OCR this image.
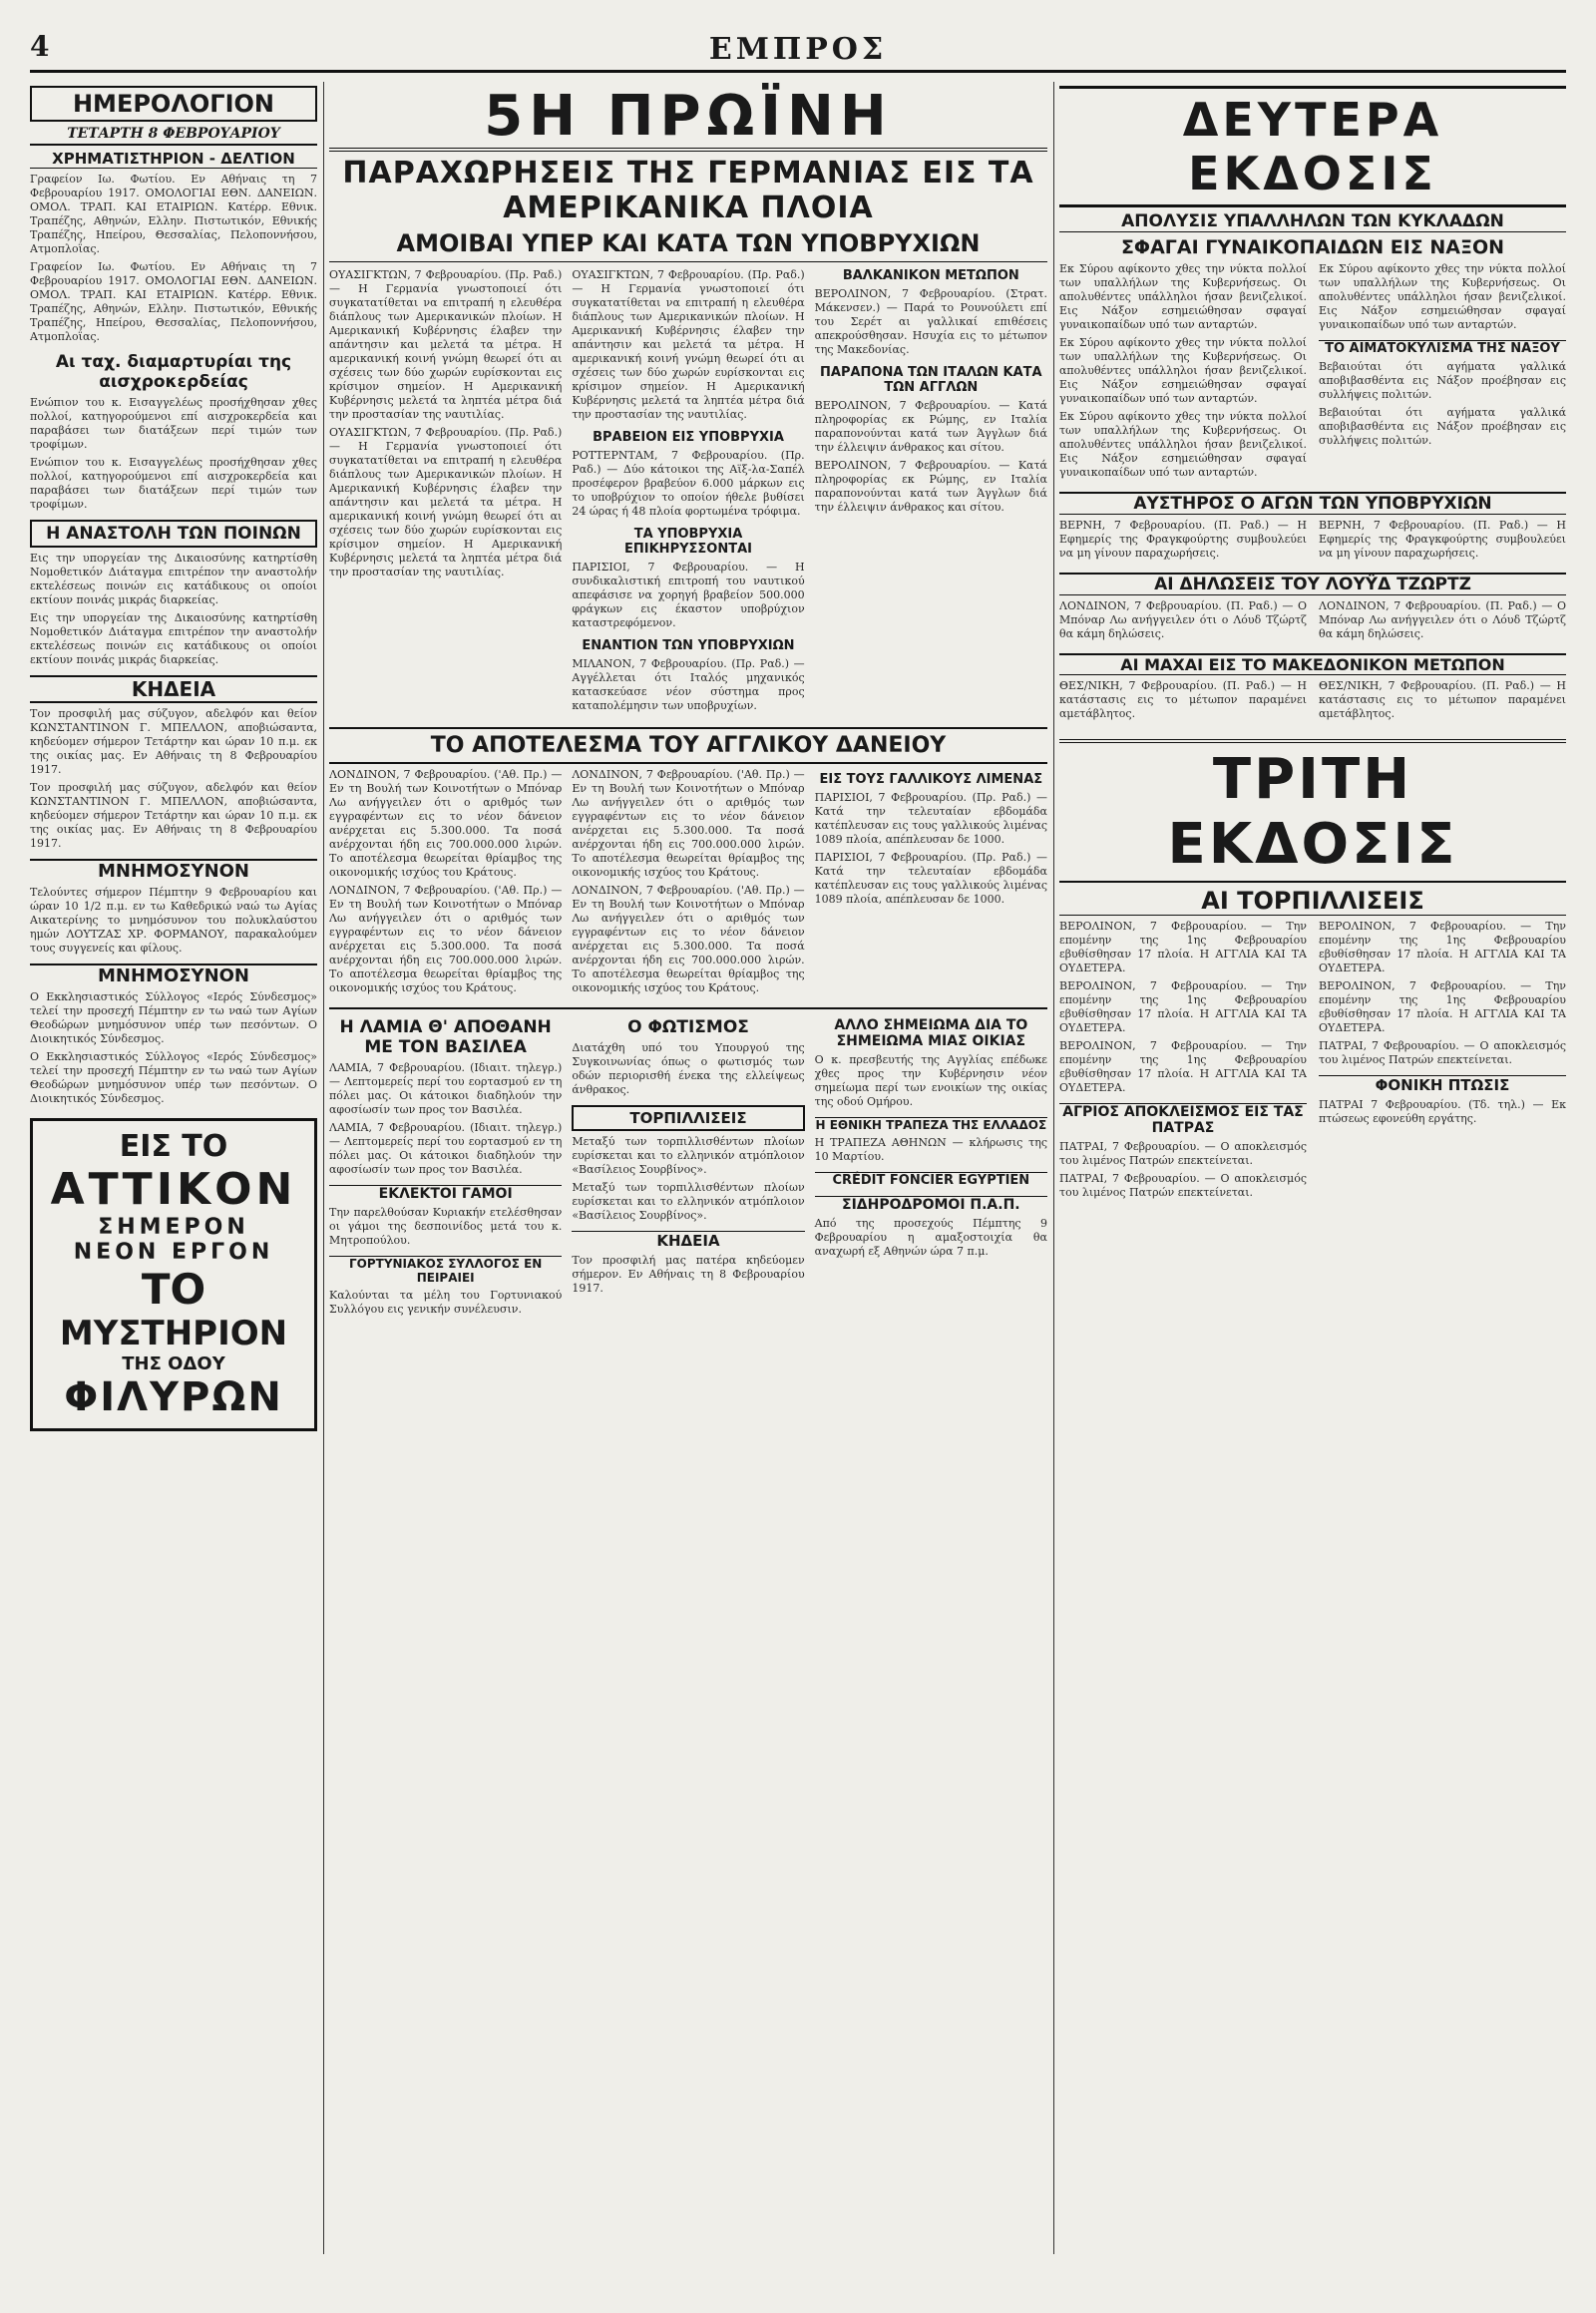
4	ΕΜΠΡΟΣ
ΗΜΕΡΟΛΟΓΙΟΝ
ΤΕΤΑΡΤΗ 8 ΦΕΒΡΟΥΑΡΙΟΥ
ΧΡΗΜΑΤΙΣΤΗΡΙΟΝ - ΔΕΛΤΙΟΝ

Γραφείον Ιω. Φωτίου. Εν Αθήναις τη 7 Φεβρουαρίου 1917. ΟΜΟΛΟΓΙΑΙ ΕΘΝ. ΔΑΝΕΙΩΝ. ΟΜΟΛ. ΤΡΑΠ. ΚΑΙ ΕΤΑΙΡΙΩΝ. Κατέρρ. Εθνικ. Τραπέζης, Αθηνών, Ελλην. Πιστωτικόν, Εθνικής Τραπέζης, Ηπείρου, Θεσσαλίας, Πελοποννήσου, Ατμοπλοΐας.

Γραφείον Ιω. Φωτίου. Εν Αθήναις τη 7 Φεβρουαρίου 1917. ΟΜΟΛΟΓΙΑΙ ΕΘΝ. ΔΑΝΕΙΩΝ. ΟΜΟΛ. ΤΡΑΠ. ΚΑΙ ΕΤΑΙΡΙΩΝ. Κατέρρ. Εθνικ. Τραπέζης, Αθηνών, Ελλην. Πιστωτικόν, Εθνικής Τραπέζης, Ηπείρου, Θεσσαλίας, Πελοποννήσου, Ατμοπλοΐας.

Αι ταχ. διαμαρτυρίαι της αισχροκερδείας

Ενώπιον του κ. Εισαγγελέως προσήχθησαν χθες πολλοί, κατηγορούμενοι επί αισχροκερδεία και παραβάσει των διατάξεων περί τιμών των τροφίμων.

Ενώπιον του κ. Εισαγγελέως προσήχθησαν χθες πολλοί, κατηγορούμενοι επί αισχροκερδεία και παραβάσει των διατάξεων περί τιμών των τροφίμων.

Η ΑΝΑΣΤΟΛΗ ΤΩΝ ΠΟΙΝΩΝ

Εις την υποργείαν της Δικαιοσύνης κατηρτίσθη Νομοθετικόν Διάταγμα επιτρέπον την αναστολήν εκτελέσεως ποινών εις κατάδικους οι οποίοι εκτίουν ποινάς μικράς διαρκείας.

Εις την υποργείαν της Δικαιοσύνης κατηρτίσθη Νομοθετικόν Διάταγμα επιτρέπον την αναστολήν εκτελέσεως ποινών εις κατάδικους οι οποίοι εκτίουν ποινάς μικράς διαρκείας.

ΚΗΔΕΙΑ

Τον προσφιλή μας σύζυγον, αδελφόν και θείον ΚΩΝΣΤΑΝΤΙΝΟΝ Γ. ΜΠΕΛΛΟΝ, αποβιώσαντα, κηδεύομεν σήμερον Τετάρτην και ώραν 10 π.μ. εκ της οικίας μας. Εν Αθήναις τη 8 Φεβρουαρίου 1917.

Τον προσφιλή μας σύζυγον, αδελφόν και θείον ΚΩΝΣΤΑΝΤΙΝΟΝ Γ. ΜΠΕΛΛΟΝ, αποβιώσαντα, κηδεύομεν σήμερον Τετάρτην και ώραν 10 π.μ. εκ της οικίας μας. Εν Αθήναις τη 8 Φεβρουαρίου 1917.

ΜΝΗΜΟΣΥΝΟΝ

Τελούντες σήμερον Πέμπτην 9 Φεβρουαρίου και ώραν 10 1/2 π.μ. εν τω Καθεδρικώ ναώ τω Αγίας Αικατερίνης το μνημόσυνον του πολυκλαύστου ημών ΛΟΥΤΖΑΣ ΧΡ. ΦΟΡΜΑΝΟΥ, παρακαλούμεν τους συγγενείς και φίλους.

ΜΝΗΜΟΣΥΝΟΝ

Ο Εκκλησιαστικός Σύλλογος «Ιερός Σύνδεσμος» τελεί την προσεχή Πέμπτην εν τω ναώ των Αγίων Θεοδώρων μνημόσυνον υπέρ των πεσόντων. Ο Διοικητικός Σύνδεσμος.

Ο Εκκλησιαστικός Σύλλογος «Ιερός Σύνδεσμος» τελεί την προσεχή Πέμπτην εν τω ναώ των Αγίων Θεοδώρων μνημόσυνον υπέρ των πεσόντων. Ο Διοικητικός Σύνδεσμος.

ΕΙΣ ΤΟ
ΑΤΤΙΚΟΝ
ΣΗΜΕΡΟΝ
ΝΕΟΝ ΕΡΓΟΝ
ΤΟ
ΜΥΣΤΗΡΙΟΝ
ΤΗΣ ΟΔΟΥ
ΦΙΛΥΡΩΝ
5Η ΠΡΩΪΝΗ
ΠΑΡΑΧΩΡΗΣΕΙΣ ΤΗΣ ΓΕΡΜΑΝΙΑΣ ΕΙΣ ΤΑ ΑΜΕΡΙΚΑΝΙΚΑ ΠΛΟΙΑ
ΑΜΟΙΒΑΙ ΥΠΕΡ ΚΑΙ ΚΑΤΑ ΤΩΝ ΥΠΟΒΡΥΧΙΩΝ

ΟΥΑΣΙΓΚΤΩΝ, 7 Φεβρουαρίου. (Πρ. Ραδ.) — Η Γερμανία γνωστοποιεί ότι συγκατατίθεται να επιτραπή η ελευθέρα διάπλους των Αμερικανικών πλοίων. Η Αμερικανική Κυβέρνησις έλαβεν την απάντησιν και μελετά τα μέτρα. Η αμερικανική κοινή γνώμη θεωρεί ότι αι σχέσεις των δύο χωρών ευρίσκονται εις κρίσιμον σημείον. Η Αμερικανική Κυβέρνησις μελετά τα ληπτέα μέτρα διά την προστασίαν της ναυτιλίας.

ΟΥΑΣΙΓΚΤΩΝ, 7 Φεβρουαρίου. (Πρ. Ραδ.) — Η Γερμανία γνωστοποιεί ότι συγκατατίθεται να επιτραπή η ελευθέρα διάπλους των Αμερικανικών πλοίων. Η Αμερικανική Κυβέρνησις έλαβεν την απάντησιν και μελετά τα μέτρα. Η αμερικανική κοινή γνώμη θεωρεί ότι αι σχέσεις των δύο χωρών ευρίσκονται εις κρίσιμον σημείον. Η Αμερικανική Κυβέρνησις μελετά τα ληπτέα μέτρα διά την προστασίαν της ναυτιλίας.

ΟΥΑΣΙΓΚΤΩΝ, 7 Φεβρουαρίου. (Πρ. Ραδ.) — Η Γερμανία γνωστοποιεί ότι συγκατατίθεται να επιτραπή η ελευθέρα διάπλους των Αμερικανικών πλοίων. Η Αμερικανική Κυβέρνησις έλαβεν την απάντησιν και μελετά τα μέτρα. Η αμερικανική κοινή γνώμη θεωρεί ότι αι σχέσεις των δύο χωρών ευρίσκονται εις κρίσιμον σημείον. Η Αμερικανική Κυβέρνησις μελετά τα ληπτέα μέτρα διά την προστασίαν της ναυτιλίας.

ΒΡΑΒΕΙΟΝ ΕΙΣ ΥΠΟΒΡΥΧΙΑ

ΡΟΤΤΕΡΝΤΑΜ, 7 Φεβρουαρίου. (Πρ. Ραδ.) — Δύο κάτοικοι της Αϊξ-λα-Σαπέλ προσέφερον βραβεύον 6.000 μάρκων εις το υποβρύχιον το οποίον ήθελε βυθίσει 24 ώρας ή 48 πλοία φορτωμένα τρόφιμα.

ΤΑ ΥΠΟΒΡΥΧΙΑ ΕΠΙΚΗΡΥΣΣΟΝΤΑΙ

ΠΑΡΙΣΙΟΙ, 7 Φεβρουαρίου. — Η συνδικαλιστική επιτροπή του ναυτικού απεφάσισε να χορηγή βραβείον 500.000 φράγκων εις έκαστον υποβρύχιον καταστρεφόμενον.

ΕΝΑΝΤΙΟΝ ΤΩΝ ΥΠΟΒΡΥΧΙΩΝ

ΜΙΛΑΝΟΝ, 7 Φεβρουαρίου. (Πρ. Ραδ.) — Αγγέλλεται ότι Ιταλός μηχανικός κατασκεύασε νέον σύστημα προς καταπολέμησιν των υποβρυχίων.

ΒΑΛΚΑΝΙΚΟΝ ΜΕΤΩΠΟΝ

ΒΕΡΟΛΙΝΟΝ, 7 Φεβρουαρίου. (Στρατ. Μάκενσεν.) — Παρά το Ρουνούλετι επί του Σερέτ αι γαλλικαί επιθέσεις απεκρούσθησαν. Ησυχία εις το μέτωπον της Μακεδονίας.

ΠΑΡΑΠΟΝΑ ΤΩΝ ΙΤΑΛΩΝ ΚΑΤΑ ΤΩΝ ΑΓΓΛΩΝ

ΒΕΡΟΛΙΝΟΝ, 7 Φεβρουαρίου. — Κατά πληροφορίας εκ Ρώμης, εν Ιταλία παραπονούνται κατά των Άγγλων διά την έλλειψιν άνθρακος και σίτου.

ΒΕΡΟΛΙΝΟΝ, 7 Φεβρουαρίου. — Κατά πληροφορίας εκ Ρώμης, εν Ιταλία παραπονούνται κατά των Άγγλων διά την έλλειψιν άνθρακος και σίτου.

ΤΟ ΑΠΟΤΕΛΕΣΜΑ ΤΟΥ ΑΓΓΛΙΚΟΥ ΔΑΝΕΙΟΥ

ΛΟΝΔΙΝΟΝ, 7 Φεβρουαρίου. ('Αθ. Πρ.) — Εν τη Βουλή των Κοινοτήτων ο Μπόναρ Λω ανήγγειλεν ότι ο αριθμός των εγγραφέντων εις το νέον δάνειον ανέρχεται εις 5.300.000. Τα ποσά ανέρχονται ήδη εις 700.000.000 λιρών. Το αποτέλεσμα θεωρείται θρίαμβος της οικονομικής ισχύος του Κράτους.

ΛΟΝΔΙΝΟΝ, 7 Φεβρουαρίου. ('Αθ. Πρ.) — Εν τη Βουλή των Κοινοτήτων ο Μπόναρ Λω ανήγγειλεν ότι ο αριθμός των εγγραφέντων εις το νέον δάνειον ανέρχεται εις 5.300.000. Τα ποσά ανέρχονται ήδη εις 700.000.000 λιρών. Το αποτέλεσμα θεωρείται θρίαμβος της οικονομικής ισχύος του Κράτους.

ΛΟΝΔΙΝΟΝ, 7 Φεβρουαρίου. ('Αθ. Πρ.) — Εν τη Βουλή των Κοινοτήτων ο Μπόναρ Λω ανήγγειλεν ότι ο αριθμός των εγγραφέντων εις το νέον δάνειον ανέρχεται εις 5.300.000. Τα ποσά ανέρχονται ήδη εις 700.000.000 λιρών. Το αποτέλεσμα θεωρείται θρίαμβος της οικονομικής ισχύος του Κράτους.

ΛΟΝΔΙΝΟΝ, 7 Φεβρουαρίου. ('Αθ. Πρ.) — Εν τη Βουλή των Κοινοτήτων ο Μπόναρ Λω ανήγγειλεν ότι ο αριθμός των εγγραφέντων εις το νέον δάνειον ανέρχεται εις 5.300.000. Τα ποσά ανέρχονται ήδη εις 700.000.000 λιρών. Το αποτέλεσμα θεωρείται θρίαμβος της οικονομικής ισχύος του Κράτους.

ΕΙΣ ΤΟΥΣ ΓΑΛΛΙΚΟΥΣ ΛΙΜΕΝΑΣ

ΠΑΡΙΣΙΟΙ, 7 Φεβρουαρίου. (Πρ. Ραδ.) — Κατά την τελευταίαν εβδομάδα κατέπλευσαν εις τους γαλλικούς λιμένας 1089 πλοία, απέπλευσαν δε 1000.

ΠΑΡΙΣΙΟΙ, 7 Φεβρουαρίου. (Πρ. Ραδ.) — Κατά την τελευταίαν εβδομάδα κατέπλευσαν εις τους γαλλικούς λιμένας 1089 πλοία, απέπλευσαν δε 1000.

Η ΛΑΜΙΑ Θ' ΑΠΟΘΑΝΗ ΜΕ ΤΟΝ ΒΑΣΙΛΕΑ

ΛΑΜΙΑ, 7 Φεβρουαρίου. (Ιδιαιτ. τηλεγρ.) — Λεπτομερείς περί του εορτασμού εν τη πόλει μας. Οι κάτοικοι διαδηλούν την αφοσίωσίν των προς τον Βασιλέα.

ΛΑΜΙΑ, 7 Φεβρουαρίου. (Ιδιαιτ. τηλεγρ.) — Λεπτομερείς περί του εορτασμού εν τη πόλει μας. Οι κάτοικοι διαδηλούν την αφοσίωσίν των προς τον Βασιλέα.

ΕΚΛΕΚΤΟΙ ΓΑΜΟΙ

Την παρελθούσαν Κυριακήν ετελέσθησαν οι γάμοι της δεσποινίδος μετά του κ. Μητροπούλου.

ΓΟΡΤΥΝΙΑΚΟΣ ΣΥΛΛΟΓΟΣ ΕΝ ΠΕΙΡΑΙΕΙ

Καλούνται τα μέλη του Γορτυνιακού Συλλόγου εις γενικήν συνέλευσιν.

Ο ΦΩΤΙΣΜΟΣ

Διατάχθη υπό του Υπουργού της Συγκοινωνίας όπως ο φωτισμός των οδών περιορισθή ένεκα της ελλείψεως άνθρακος.

ΤΟΡΠΙΛΛΙΣΕΙΣ

Μεταξύ των τορπιλλισθέντων πλοίων ευρίσκεται και το ελληνικόν ατμόπλοιον «Βασίλειος Σουρβίνος».

Μεταξύ των τορπιλλισθέντων πλοίων ευρίσκεται και το ελληνικόν ατμόπλοιον «Βασίλειος Σουρβίνος».

ΚΗΔΕΙΑ

Τον προσφιλή μας πατέρα κηδεύομεν σήμερον. Εν Αθήναις τη 8 Φεβρουαρίου 1917.

ΑΛΛΟ ΣΗΜΕΙΩΜΑ ΔΙΑ ΤΟ ΣΗΜΕΙΩΜΑ ΜΙΑΣ ΟΙΚΙΑΣ

Ο κ. πρεσβευτής της Αγγλίας επέδωκε χθες προς την Κυβέρνησιν νέον σημείωμα περί των ενοικίων της οικίας της οδού Ομήρου.

Η ΕΘΝΙΚΗ ΤΡΑΠΕΖΑ ΤΗΣ ΕΛΛΑΔΟΣ

Η ΤΡΑΠΕΖΑ ΑΘΗΝΩΝ — κλήρωσις της 10 Μαρτίου.

CRÉDIT FONCIER EGYPTIEN
ΣΙΔΗΡΟΔΡΟΜΟΙ Π.Α.Π.

Από της προσεχούς Πέμπτης 9 Φεβρουαρίου η αμαξοστοιχία θα αναχωρή εξ Αθηνών ώρα 7 π.μ.

ΔΕΥΤΕΡΑ ΕΚΔΟΣΙΣ
ΑΠΟΛΥΣΙΣ ΥΠΑΛΛΗΛΩΝ ΤΩΝ ΚΥΚΛΑΔΩΝ
ΣΦΑΓΑΙ ΓΥΝΑΙΚΟΠΑΙΔΩΝ ΕΙΣ ΝΑΞΟΝ

Εκ Σύρου αφίκοντο χθες την νύκτα πολλοί των υπαλλήλων της Κυβερνήσεως. Οι απολυθέντες υπάλληλοι ήσαν βενιζελικοί. Εις Νάξον εσημειώθησαν σφαγαί γυναικοπαίδων υπό των ανταρτών.

Εκ Σύρου αφίκοντο χθες την νύκτα πολλοί των υπαλλήλων της Κυβερνήσεως. Οι απολυθέντες υπάλληλοι ήσαν βενιζελικοί. Εις Νάξον εσημειώθησαν σφαγαί γυναικοπαίδων υπό των ανταρτών.

Εκ Σύρου αφίκοντο χθες την νύκτα πολλοί των υπαλλήλων της Κυβερνήσεως. Οι απολυθέντες υπάλληλοι ήσαν βενιζελικοί. Εις Νάξον εσημειώθησαν σφαγαί γυναικοπαίδων υπό των ανταρτών.

Εκ Σύρου αφίκοντο χθες την νύκτα πολλοί των υπαλλήλων της Κυβερνήσεως. Οι απολυθέντες υπάλληλοι ήσαν βενιζελικοί. Εις Νάξον εσημειώθησαν σφαγαί γυναικοπαίδων υπό των ανταρτών.

ΤΟ ΑΙΜΑΤΟΚΥΛΙΣΜΑ ΤΗΣ ΝΑΞΟΥ

Βεβαιούται ότι αγήματα γαλλικά αποβιβασθέντα εις Νάξον προέβησαν εις συλλήψεις πολιτών.

Βεβαιούται ότι αγήματα γαλλικά αποβιβασθέντα εις Νάξον προέβησαν εις συλλήψεις πολιτών.

ΑΥΣΤΗΡΟΣ Ο ΑΓΩΝ ΤΩΝ ΥΠΟΒΡΥΧΙΩΝ

ΒΕΡΝΗ, 7 Φεβρουαρίου. (Π. Ραδ.) — Η Εφημερίς της Φραγκφούρτης συμβουλεύει να μη γίνουν παραχωρήσεις.

ΒΕΡΝΗ, 7 Φεβρουαρίου. (Π. Ραδ.) — Η Εφημερίς της Φραγκφούρτης συμβουλεύει να μη γίνουν παραχωρήσεις.

ΑΙ ΔΗΛΩΣΕΙΣ ΤΟΥ ΛΟΥΫΔ ΤΖΩΡΤΖ

ΛΟΝΔΙΝΟΝ, 7 Φεβρουαρίου. (Π. Ραδ.) — Ο Μπόναρ Λω ανήγγειλεν ότι ο Λόυδ Τζώρτζ θα κάμη δηλώσεις.

ΛΟΝΔΙΝΟΝ, 7 Φεβρουαρίου. (Π. Ραδ.) — Ο Μπόναρ Λω ανήγγειλεν ότι ο Λόυδ Τζώρτζ θα κάμη δηλώσεις.

ΑΙ ΜΑΧΑΙ ΕΙΣ ΤΟ ΜΑΚΕΔΟΝΙΚΟΝ ΜΕΤΩΠΟΝ

ΘΕΣ/ΝΙΚΗ, 7 Φεβρουαρίου. (Π. Ραδ.) — Η κατάστασις εις το μέτωπον παραμένει αμετάβλητος.

ΘΕΣ/ΝΙΚΗ, 7 Φεβρουαρίου. (Π. Ραδ.) — Η κατάστασις εις το μέτωπον παραμένει αμετάβλητος.

ΤΡΙΤΗ ΕΚΔΟΣΙΣ
ΑΙ ΤΟΡΠΙΛΛΙΣΕΙΣ

ΒΕΡΟΛΙΝΟΝ, 7 Φεβρουαρίου. — Την επομένην της 1ης Φεβρουαρίου εβυθίσθησαν 17 πλοία. Η ΑΓΓΛΙΑ ΚΑΙ ΤΑ ΟΥΔΕΤΕΡΑ.

ΒΕΡΟΛΙΝΟΝ, 7 Φεβρουαρίου. — Την επομένην της 1ης Φεβρουαρίου εβυθίσθησαν 17 πλοία. Η ΑΓΓΛΙΑ ΚΑΙ ΤΑ ΟΥΔΕΤΕΡΑ.

ΒΕΡΟΛΙΝΟΝ, 7 Φεβρουαρίου. — Την επομένην της 1ης Φεβρουαρίου εβυθίσθησαν 17 πλοία. Η ΑΓΓΛΙΑ ΚΑΙ ΤΑ ΟΥΔΕΤΕΡΑ.

ΑΓΡΙΟΣ ΑΠΟΚΛΕΙΣΜΟΣ ΕΙΣ ΤΑΣ ΠΑΤΡΑΣ

ΠΑΤΡΑΙ, 7 Φεβρουαρίου. — Ο αποκλεισμός του λιμένος Πατρών επεκτείνεται.

ΠΑΤΡΑΙ, 7 Φεβρουαρίου. — Ο αποκλεισμός του λιμένος Πατρών επεκτείνεται.

ΒΕΡΟΛΙΝΟΝ, 7 Φεβρουαρίου. — Την επομένην της 1ης Φεβρουαρίου εβυθίσθησαν 17 πλοία. Η ΑΓΓΛΙΑ ΚΑΙ ΤΑ ΟΥΔΕΤΕΡΑ.

ΒΕΡΟΛΙΝΟΝ, 7 Φεβρουαρίου. — Την επομένην της 1ης Φεβρουαρίου εβυθίσθησαν 17 πλοία. Η ΑΓΓΛΙΑ ΚΑΙ ΤΑ ΟΥΔΕΤΕΡΑ.

ΠΑΤΡΑΙ, 7 Φεβρουαρίου. — Ο αποκλεισμός του λιμένος Πατρών επεκτείνεται.

ΦΟΝΙΚΗ ΠΤΩΣΙΣ

ΠΑΤΡΑΙ 7 Φεβρουαρίου. (Τδ. τηλ.) — Εκ πτώσεως εφονεύθη εργάτης.
